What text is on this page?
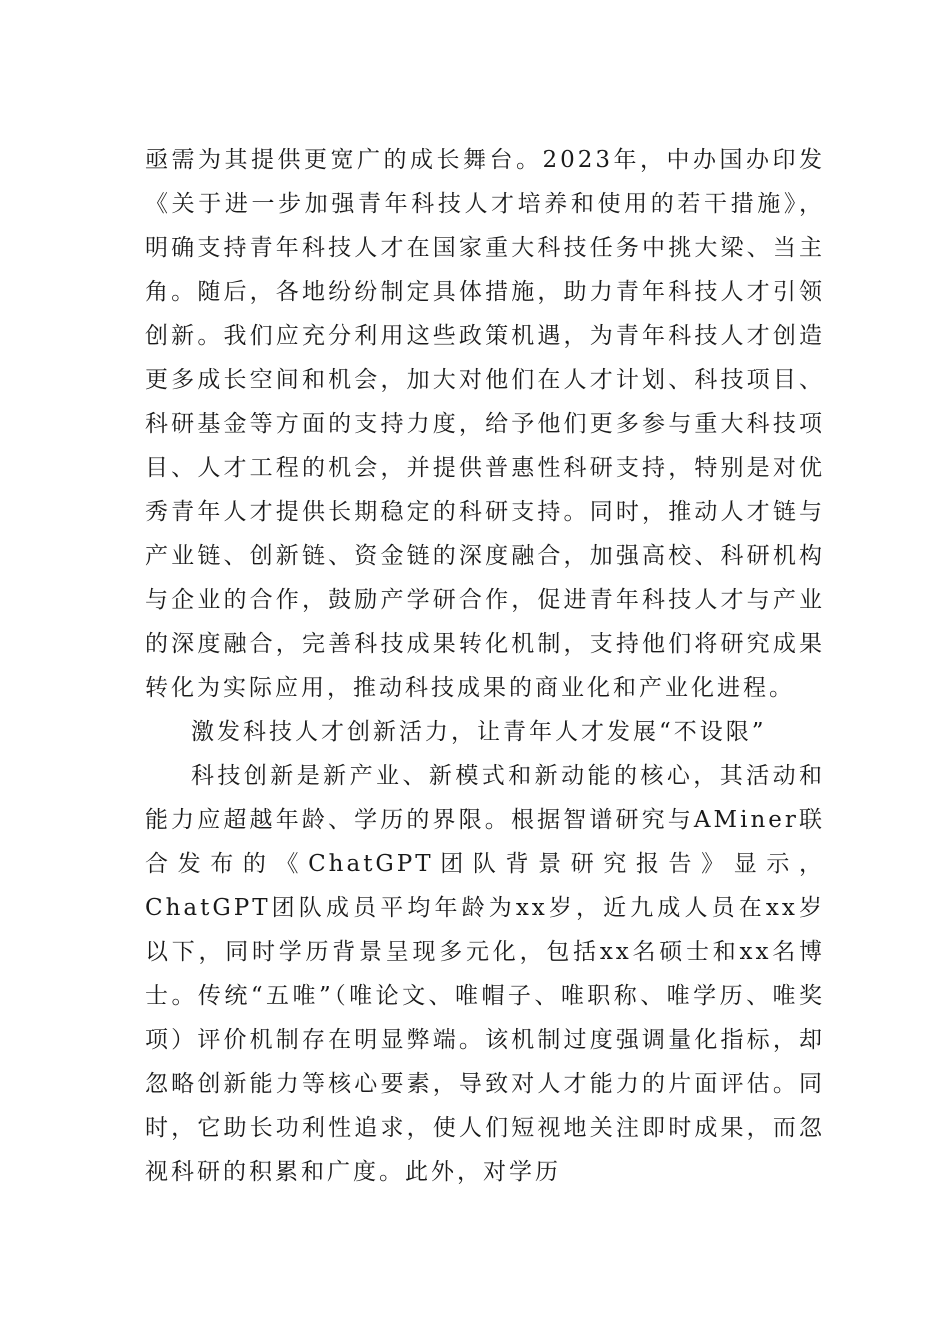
亟需为其提供更宽广的成长舞台。2023年，中办国办印发《关于进一步加强青年科技人才培养和使用的若干措施》，明确支持青年科技人才在国家重大科技任务中挑大梁、当主角。随后，各地纷纷制定具体措施，助力青年科技人才引领创新。我们应充分利用这些政策机遇，为青年科技人才创造更多成长空间和机会，加大对他们在人才计划、科技项目、科研基金等方面的支持力度，给予他们更多参与重大科技项目、人才工程的机会，并提供普惠性科研支持，特别是对优秀青年人才提供长期稳定的科研支持。同时，推动人才链与产业链、创新链、资金链的深度融合，加强高校、科研机构与企业的合作，鼓励产学研合作，促进青年科技人才与产业的深度融合，完善科技成果转化机制，支持他们将研究成果转化为实际应用，推动科技成果的商业化和产业化进程。

激发科技人才创新活力，让青年人才发展“不设限”

科技创新是新产业、新模式和新动能的核心，其活动和能力应超越年龄、学历的界限。根据智谱研究与AMiner联合发布的《ChatGPT团队背景研究报告》显示，ChatGPT团队成员平均年龄为xx岁，近九成人员在xx岁以下，同时学历背景呈现多元化，包括xx名硕士和xx名博士。传统“五唯”（唯论文、唯帽子、唯职称、唯学历、唯奖项）评价机制存在明显弊端。该机制过度强调量化指标，却忽略创新能力等核心要素，导致对人才能力的片面评估。同时，它助长功利性追求，使人们短视地关注即时成果，而忽视科研的积累和广度。此外，对学历
